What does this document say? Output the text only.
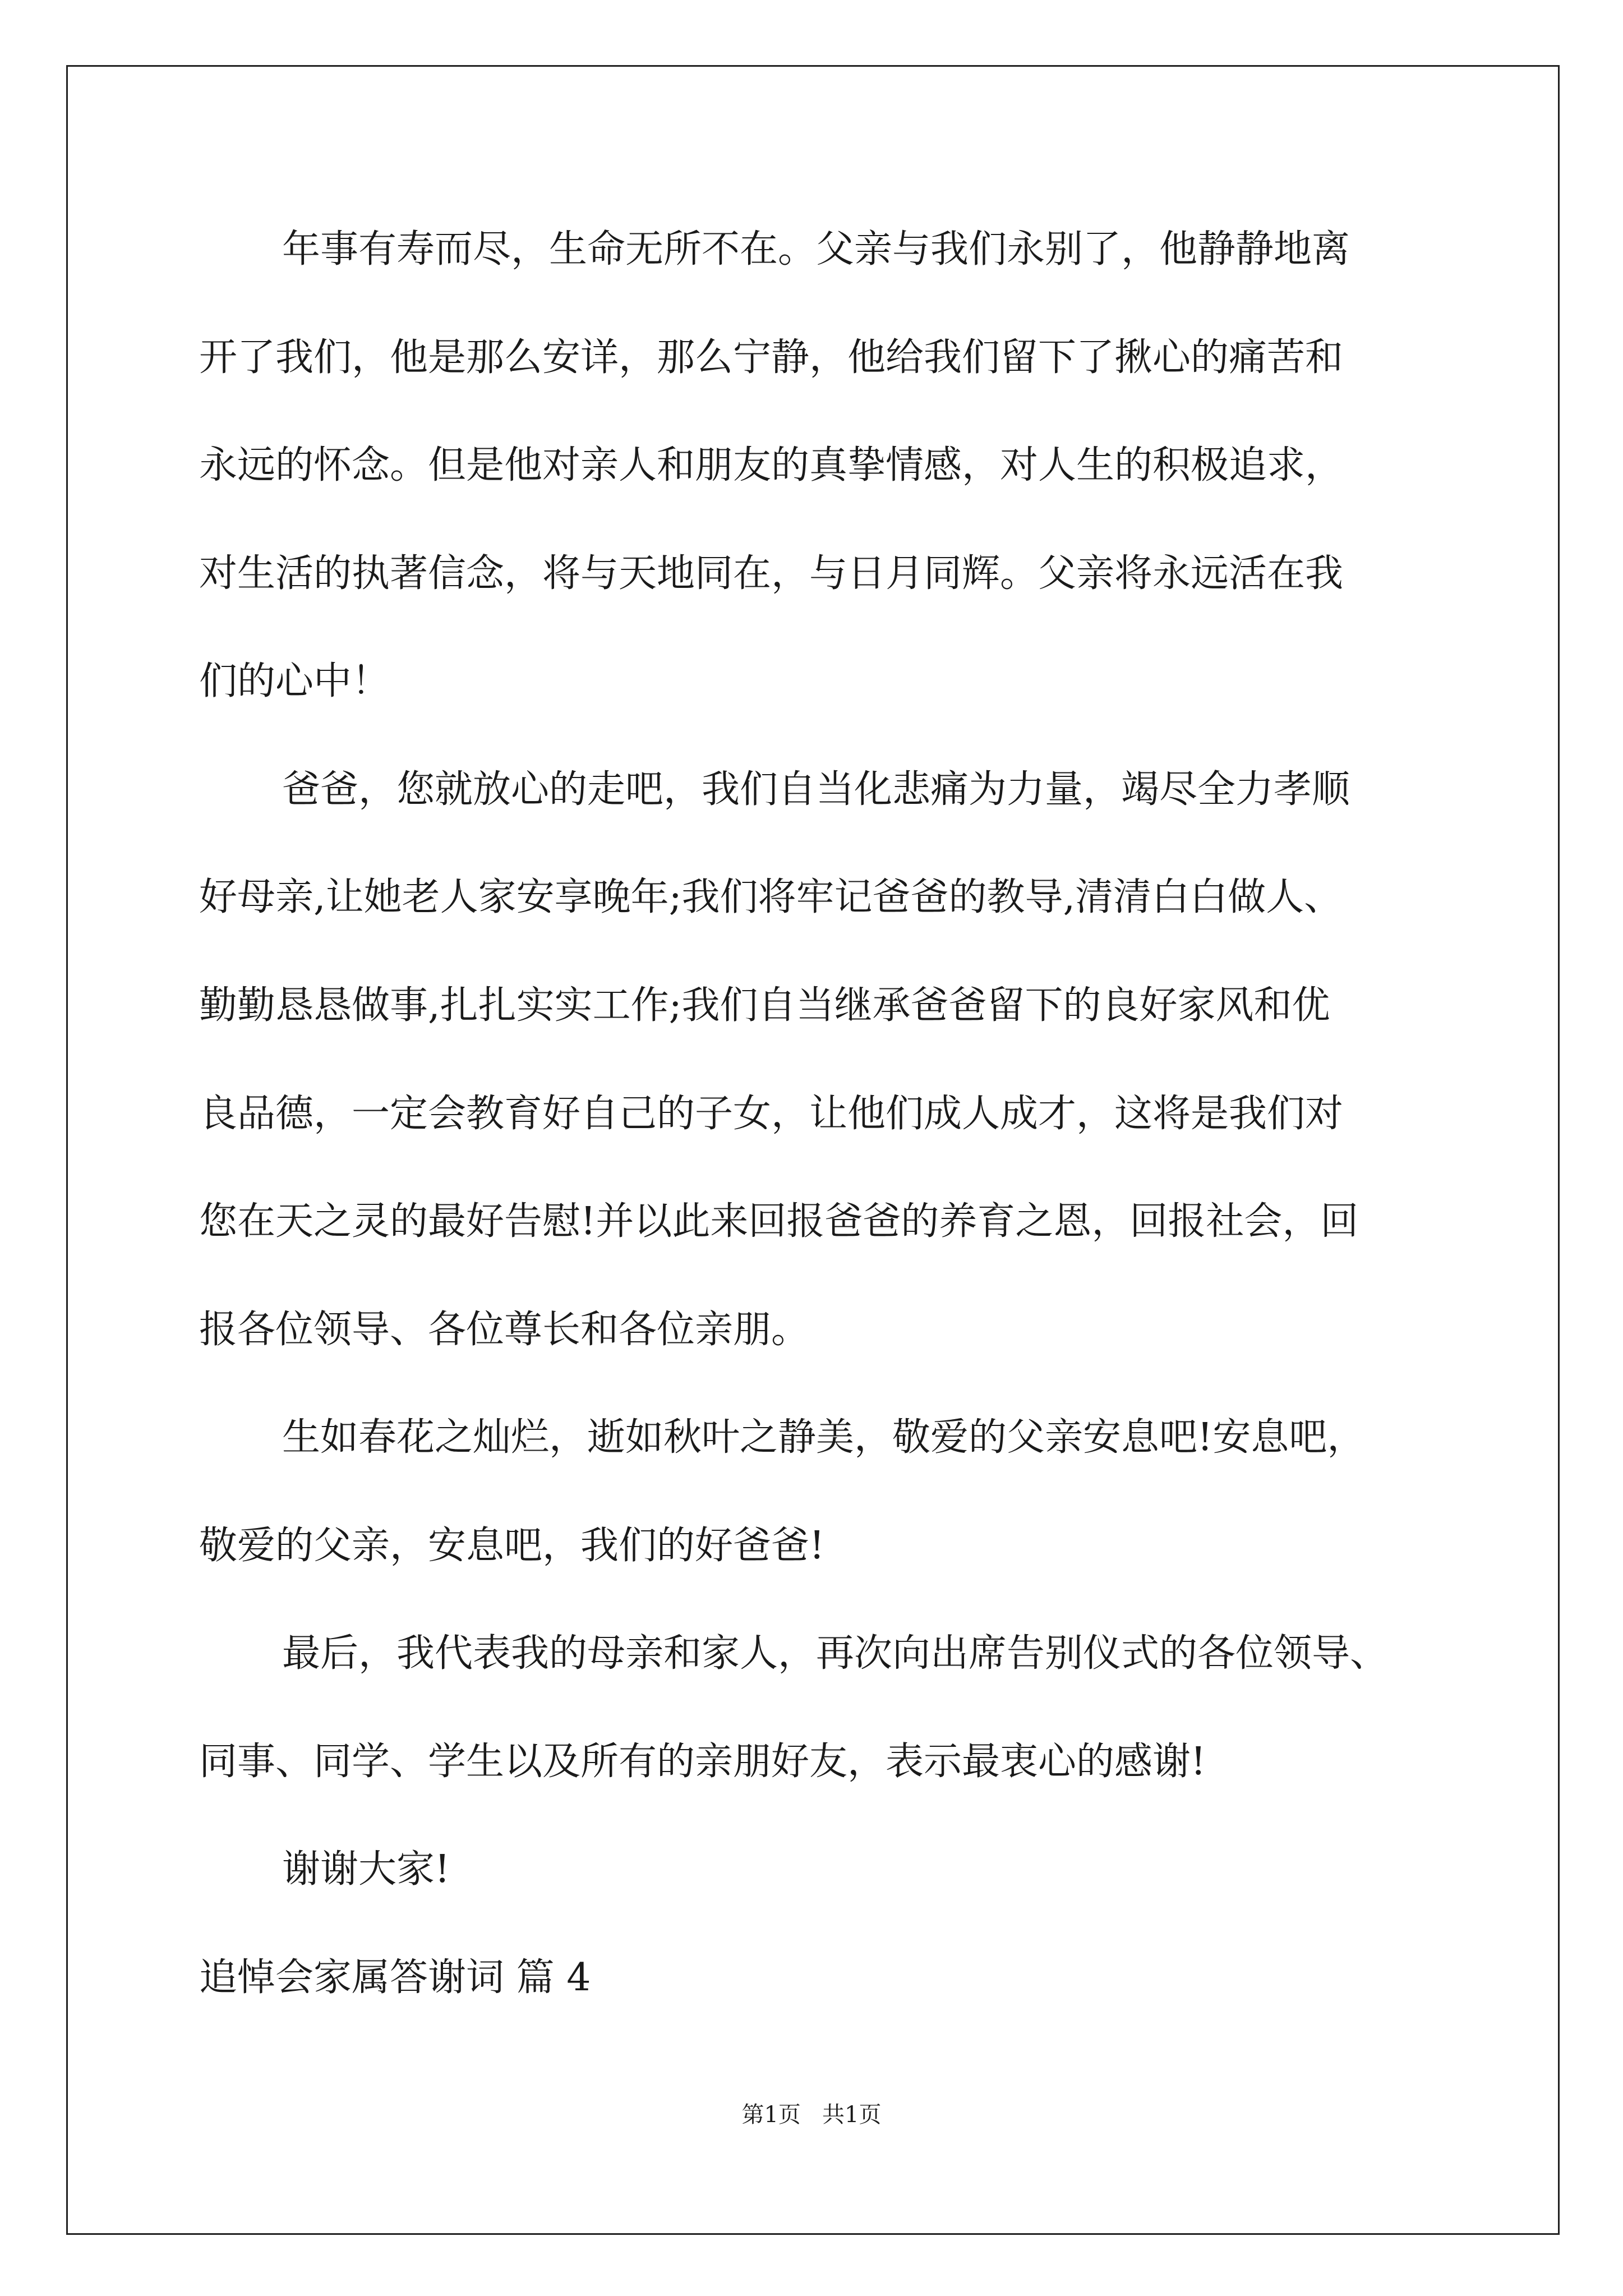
年事有寿而尽，生命无所不在。父亲与我们永别了，他静静地离
开了我们，他是那么安详，那么宁静，他给我们留下了揪心的痛苦和
永远的怀念。但是他对亲人和朋友的真挚情感，对人生的积极追求，
对生活的执著信念，将与天地同在，与日月同辉。父亲将永远活在我
们的心中！
爸爸，您就放心的走吧，我们自当化悲痛为力量，竭尽全力孝顺
好母亲,让她老人家安享晚年;我们将牢记爸爸的教导,清清白白做人、
勤勤恳恳做事,扎扎实实工作;我们自当继承爸爸留下的良好家风和优
良品德，一定会教育好自己的子女，让他们成人成才，这将是我们对
您在天之灵的最好告慰!并以此来回报爸爸的养育之恩，回报社会，回
报各位领导、各位尊长和各位亲朋。
生如春花之灿烂，逝如秋叶之静美，敬爱的父亲安息吧!安息吧，
敬爱的父亲，安息吧，我们的好爸爸!
最后，我代表我的母亲和家人，再次向出席告别仪式的各位领导、
同事、同学、学生以及所有的亲朋好友，表示最衷心的感谢!
谢谢大家!
追悼会家属答谢词 篇 4
第1页   共1页
